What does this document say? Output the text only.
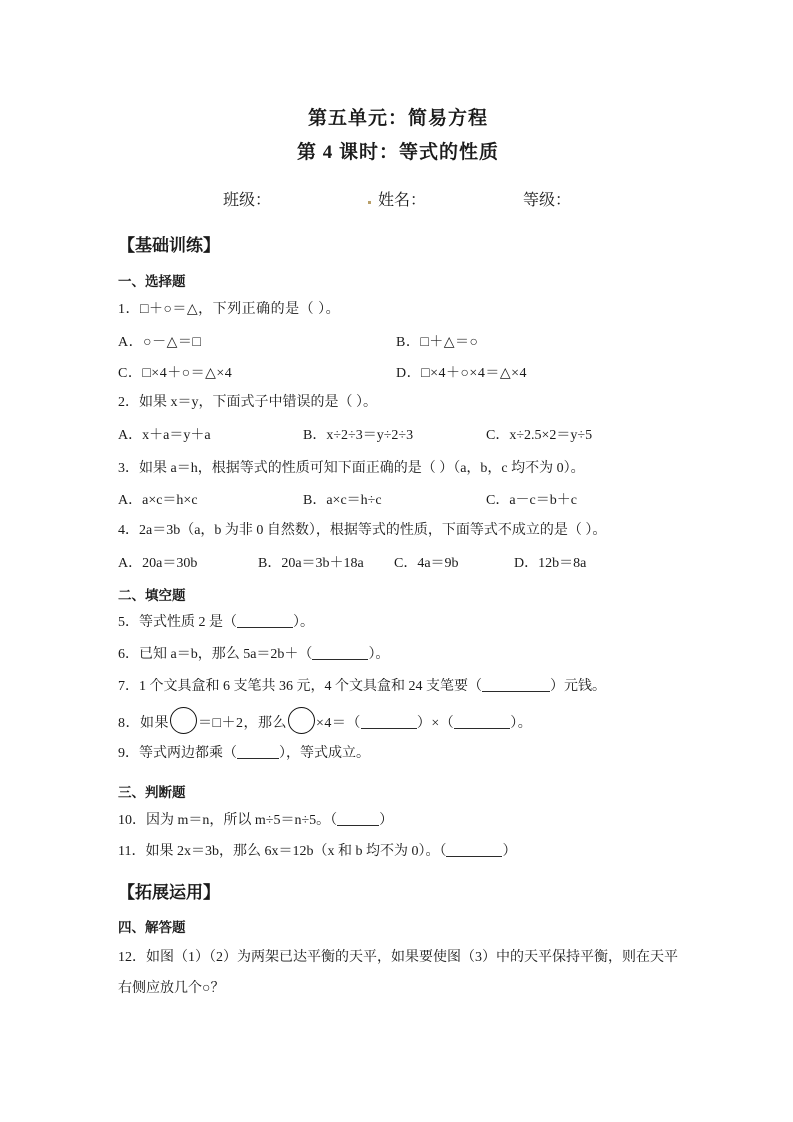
第五单元：简易方程
第 4 课时：等式的性质
班级：	姓名：	等级：
【基础训练】
一、选择题
1．□＋○＝△，下列正确的是（ ）。
A．○－△＝□	B．□＋△＝○
C．□×4＋○＝△×4	D．□×4＋○×4＝△×4
2．如果 x＝y，下面式子中错误的是（ ）。
A．x＋a＝y＋a	B．x÷2÷3＝y÷2÷3	C．x÷2.5×2＝y÷5
3．如果 a＝h，根据等式的性质可知下面正确的是（ ）（a，b，c 均不为 0）。
A．a×c＝h×c	B．a×c＝h÷c	C．a－c＝b＋c
4．2a＝3b（a，b 为非 0 自然数），根据等式的性质，下面等式不成立的是（ ）。
A．20a＝30b	B．20a＝3b＋18a C．4a＝9b	D．12b＝8a
二、填空题
5．等式性质 2 是（	）。
6．已知 a＝b，那么 5a＝2b＋（	）。
7．1 个文具盒和 6 支笔共 36 元，4 个文具盒和 24 支笔要（	）元钱。
8．如果 ＝□＋2，那么 ×4＝（	）×（	）。
9．等式两边都乘（	），等式成立。
三、判断题
10．因为 m＝n，所以 m÷5＝n÷5。（	）
11．如果 2x＝3b，那么 6x＝12b（x 和 b 均不为 0）。（	）
【拓展运用】
四、解答题
12．如图（1）（2）为两架已达平衡的天平，如果要使图（3）中的天平保持平衡，则在天平右侧应放几个○？
